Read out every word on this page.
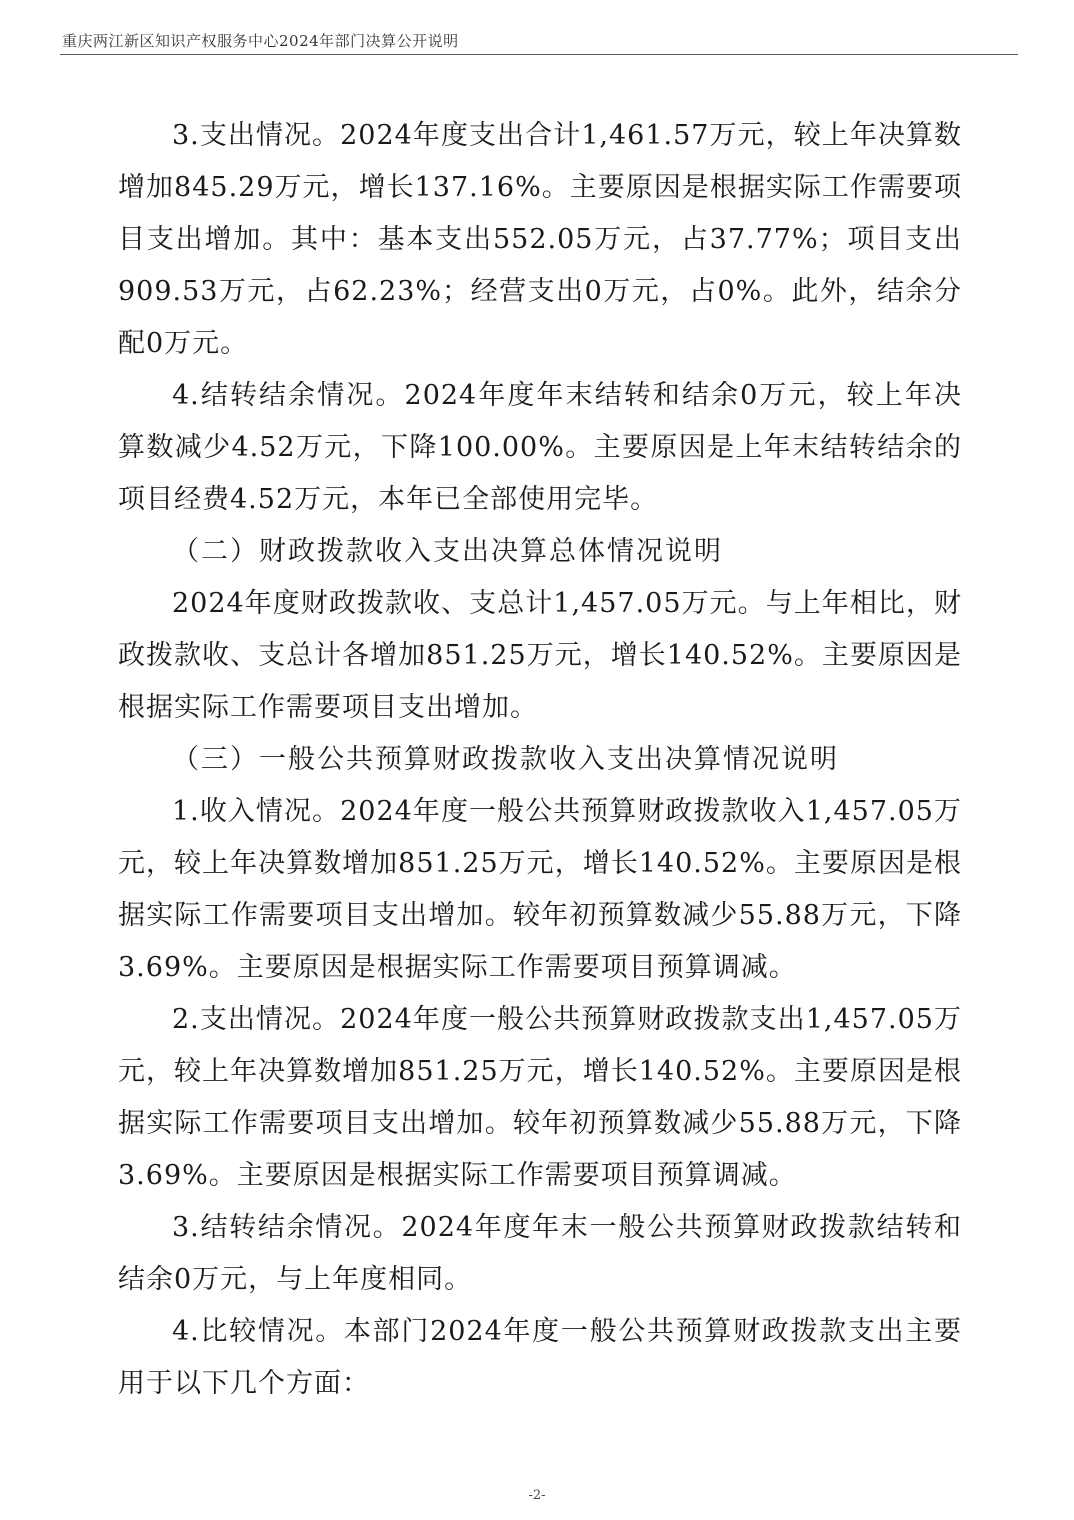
重庆两江新区知识产权服务中心2024年部门决算公开说明

3.支出情况。2024年度支出合计1,461.57万元，较上年决算数增加845.29万元，增长137.16%。主要原因是根据实际工作需要项目支出增加。其中：基本支出552.05万元，占37.77%；项目支出909.53万元，占62.23%；经营支出0万元，占0%。此外，结余分配0万元。

4.结转结余情况。2024年度年末结转和结余0万元，较上年决算数减少4.52万元，下降100.00%。主要原因是上年末结转结余的项目经费4.52万元，本年已全部使用完毕。

（二）财政拨款收入支出决算总体情况说明

2024年度财政拨款收、支总计1,457.05万元。与上年相比，财政拨款收、支总计各增加851.25万元，增长140.52%。主要原因是根据实际工作需要项目支出增加。

（三）一般公共预算财政拨款收入支出决算情况说明

1.收入情况。2024年度一般公共预算财政拨款收入1,457.05万元，较上年决算数增加851.25万元，增长140.52%。主要原因是根据实际工作需要项目支出增加。较年初预算数减少55.88万元，下降3.69%。主要原因是根据实际工作需要项目预算调减。

2.支出情况。2024年度一般公共预算财政拨款支出1,457.05万元，较上年决算数增加851.25万元，增长140.52%。主要原因是根据实际工作需要项目支出增加。较年初预算数减少55.88万元，下降3.69%。主要原因是根据实际工作需要项目预算调减。

3.结转结余情况。2024年度年末一般公共预算财政拨款结转和结余0万元，与上年度相同。

4.比较情况。本部门2024年度一般公共预算财政拨款支出主要用于以下几个方面：

-2-
